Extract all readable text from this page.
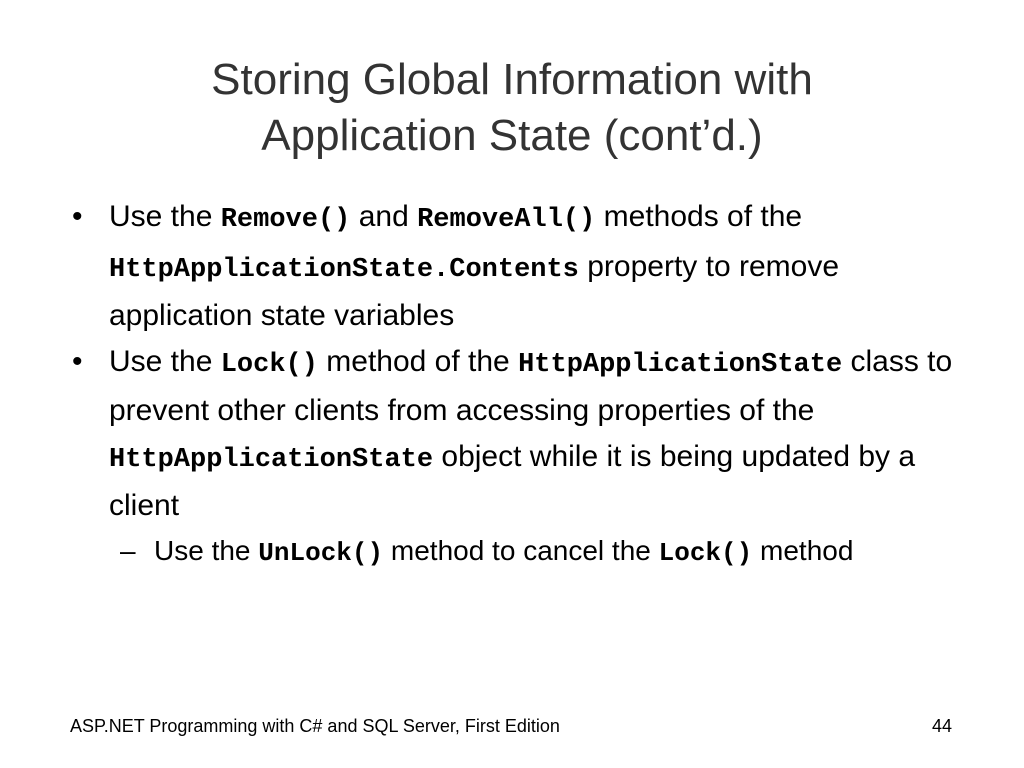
Storing Global Information with
Application State (cont’d.)

• Use the Remove() and RemoveAll() methods of the HttpApplicationState.Contents property to remove application state variables

• Use the Lock() method of the HttpApplicationState class to prevent other clients from accessing properties of the HttpApplicationState object while it is being updated by a client

– Use the UnLock() method to cancel the Lock() method

ASP.NET Programming with C# and SQL Server, First Edition	44
